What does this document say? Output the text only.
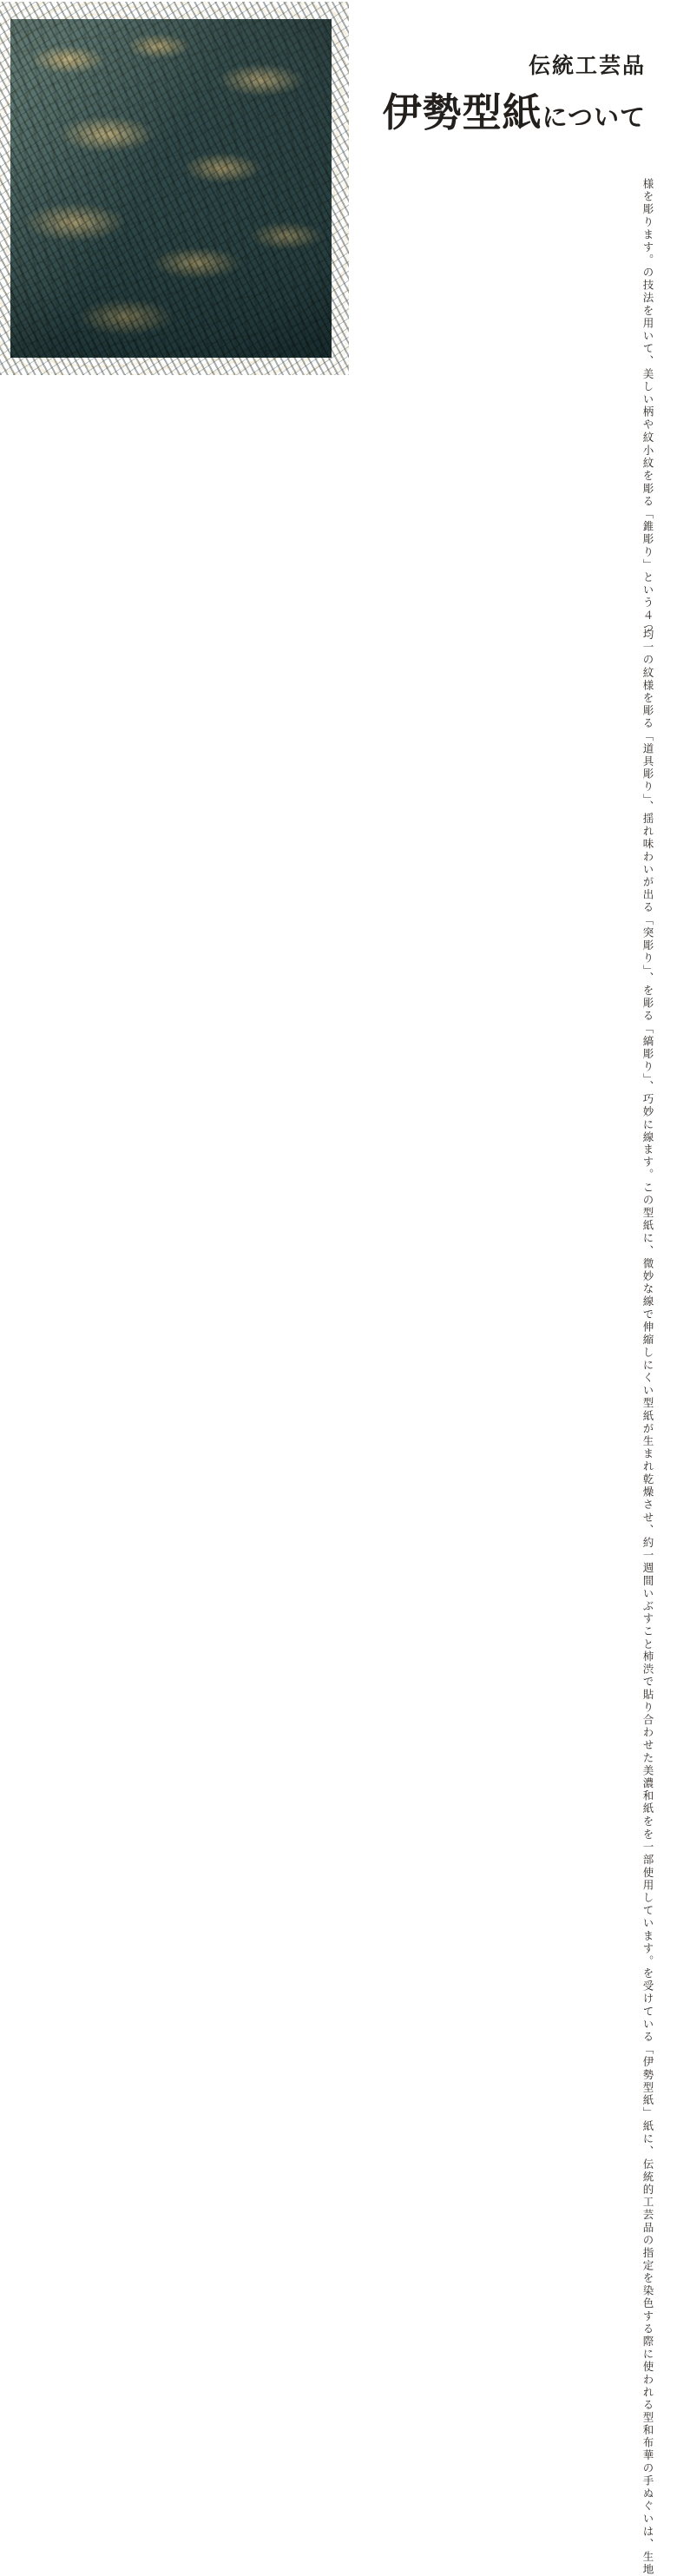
伝統工芸品
伊勢型紙について
様を彫ります。
の技法を用いて、美しい柄や紋
小紋を彫る「錐彫り」という４つ
均一の紋様を彫る「道具彫り」、
揺れ味わいが出る「突彫り」、
を彫る「縞彫り」、巧妙に線
ます。この型紙に、微妙な線
で伸縮しにくい型紙が生まれ
乾燥させ、約一週間いぶすこと
柿渋で貼り合わせた美濃和紙を
を一部使用しています。
を受けている「伊勢型紙」
紙に、伝統的工芸品の指定
を染色する際に使われる型
和布華の手ぬぐいは、生地
